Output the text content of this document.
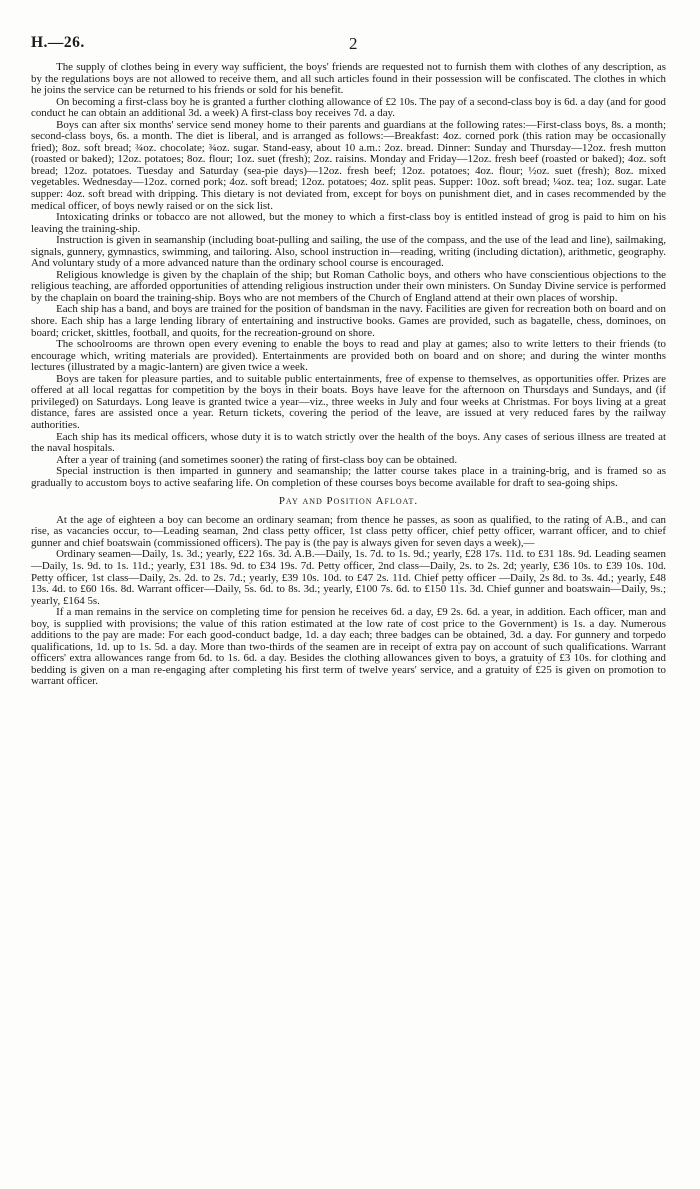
H.—26.	2

The supply of clothes being in every way sufficient, the boys' friends are requested not to furnish them with clothes of any description, as by the regulations boys are not allowed to receive them, and all such articles found in their possession will be confiscated. The clothes in which he joins the service can be returned to his friends or sold for his benefit.

On becoming a first-class boy he is granted a further clothing allowance of £2 10s. The pay of a second-class boy is 6d. a day (and for good conduct he can obtain an additional 3d. a week) A first-class boy receives 7d. a day.

Boys can after six months' service send money home to their parents and guardians at the following rates:—First-class boys, 8s. a month; second-class boys, 6s. a month. The diet is liberal, and is arranged as follows:—Breakfast: 4oz. corned pork (this ration may be occasionally fried); 8oz. soft bread; ¾oz. chocolate; ¾oz. sugar. Stand-easy, about 10 a.m.: 2oz. bread. Dinner: Sunday and Thursday—12oz. fresh mutton (roasted or baked); 12oz. potatoes; 8oz. flour; 1oz. suet (fresh); 2oz. raisins. Monday and Friday—12oz. fresh beef (roasted or baked); 4oz. soft bread; 12oz. potatoes. Tuesday and Saturday (sea-pie days)—12oz. fresh beef; 12oz. potatoes; 4oz. flour; ½oz. suet (fresh); 8oz. mixed vegetables. Wednesday—12oz. corned pork; 4oz. soft bread; 12oz. potatoes; 4oz. split peas. Supper: 10oz. soft bread; ¼oz. tea; 1oz. sugar. Late supper: 4oz. soft bread with dripping. This dietary is not deviated from, except for boys on punishment diet, and in cases recommended by the medical officer, of boys newly raised or on the sick list.

Intoxicating drinks or tobacco are not allowed, but the money to which a first-class boy is entitled instead of grog is paid to him on his leaving the training-ship.

Instruction is given in seamanship (including boat-pulling and sailing, the use of the compass, and the use of the lead and line), sailmaking, signals, gunnery, gymnastics, swimming, and tailoring. Also, school instruction in—reading, writing (including dictation), arithmetic, geography. And voluntary study of a more advanced nature than the ordinary school course is encouraged.

Religious knowledge is given by the chaplain of the ship; but Roman Catholic boys, and others who have conscientious objections to the religious teaching, are afforded opportunities of attending religious instruction under their own ministers. On Sunday Divine service is performed by the chaplain on board the training-ship. Boys who are not members of the Church of England attend at their own places of worship.

Each ship has a band, and boys are trained for the position of bandsman in the navy. Facilities are given for recreation both on board and on shore. Each ship has a large lending library of entertaining and instructive books. Games are provided, such as bagatelle, chess, dominoes, on board; cricket, skittles, football, and quoits, for the recreation-ground on shore.

The schoolrooms are thrown open every evening to enable the boys to read and play at games; also to write letters to their friends (to encourage which, writing materials are provided). Entertainments are provided both on board and on shore; and during the winter months lectures (illustrated by a magic-lantern) are given twice a week.

Boys are taken for pleasure parties, and to suitable public entertainments, free of expense to themselves, as opportunities offer. Prizes are offered at all local regattas for competition by the boys in their boats. Boys have leave for the afternoon on Thursdays and Sundays, and (if privileged) on Saturdays. Long leave is granted twice a year—viz., three weeks in July and four weeks at Christmas. For boys living at a great distance, fares are assisted once a year. Return tickets, covering the period of the leave, are issued at very reduced fares by the railway authorities.

Each ship has its medical officers, whose duty it is to watch strictly over the health of the boys. Any cases of serious illness are treated at the naval hospitals.

After a year of training (and sometimes sooner) the rating of first-class boy can be obtained.

Special instruction is then imparted in gunnery and seamanship; the latter course takes place in a training-brig, and is framed so as gradually to accustom boys to active seafaring life. On completion of these courses boys become available for draft to sea-going ships.

Pay and Position Afloat.

At the age of eighteen a boy can become an ordinary seaman; from thence he passes, as soon as qualified, to the rating of A.B., and can rise, as vacancies occur, to—Leading seaman, 2nd class petty officer, 1st class petty officer, chief petty officer, warrant officer, and to chief gunner and chief boatswain (commissioned officers). The pay is (the pay is always given for seven days a week),—

Ordinary seamen—Daily, 1s. 3d.; yearly, £22 16s. 3d. A.B.—Daily, 1s. 7d. to 1s. 9d.; yearly, £28 17s. 11d. to £31 18s. 9d. Leading seamen—Daily, 1s. 9d. to 1s. 11d.; yearly, £31 18s. 9d. to £34 19s. 7d. Petty officer, 2nd class—Daily, 2s. to 2s. 2d; yearly, £36 10s. to £39 10s. 10d. Petty officer, 1st class—Daily, 2s. 2d. to 2s. 7d.; yearly, £39 10s. 10d. to £47 2s. 11d. Chief petty officer —Daily, 2s 8d. to 3s. 4d.; yearly, £48 13s. 4d. to £60 16s. 8d. Warrant officer—Daily, 5s. 6d. to 8s. 3d.; yearly, £100 7s. 6d. to £150 11s. 3d. Chief gunner and boatswain—Daily, 9s.; yearly, £164 5s.

If a man remains in the service on completing time for pension he receives 6d. a day, £9 2s. 6d. a year, in addition. Each officer, man and boy, is supplied with provisions; the value of this ration estimated at the low rate of cost price to the Government) is 1s. a day. Numerous additions to the pay are made: For each good-conduct badge, 1d. a day each; three badges can be obtained, 3d. a day. For gunnery and torpedo qualifications, 1d. up to 1s. 5d. a day. More than two-thirds of the seamen are in receipt of extra pay on account of such qualifications. Warrant officers' extra allowances range from 6d. to 1s. 6d. a day. Besides the clothing allowances given to boys, a gratuity of £3 10s. for clothing and bedding is given on a man re-engaging after completing his first term of twelve years' service, and a gratuity of £25 is given on promotion to warrant officer.
